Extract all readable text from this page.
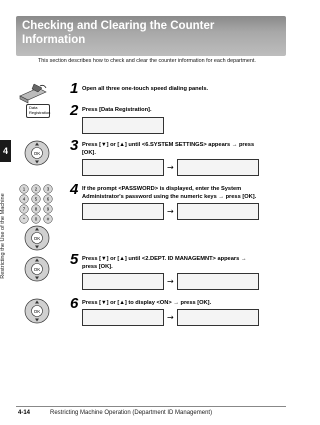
4
Restricting the Use of the Machine
Checking and Clearing the Counter
Information
This section describes how to check and clear the counter information for each department.
1 Open all three one-touch speed dialing panels.
Data
Registration 2 Press [Data Registration].

OK 3 Press [▼] or [▲] until <6.SYSTEM SETTINGS> appears → press
[OK].

→

1 2 3
4 5 6
7 8 9
* 0 #
OK
4 If the prompt <PASSWORD> is displayed, enter the System
Administrator's password using the numeric keys → press [OK].

→

OK
5 Press [▼] or [▲] until <2.DEPT. ID MANAGEMNT> appears →
press [OK].

→

OK 6 Press [▼] or [▲] to display <ON> → press [OK].

→

4-14	Restricting Machine Operation (Department ID Management)
